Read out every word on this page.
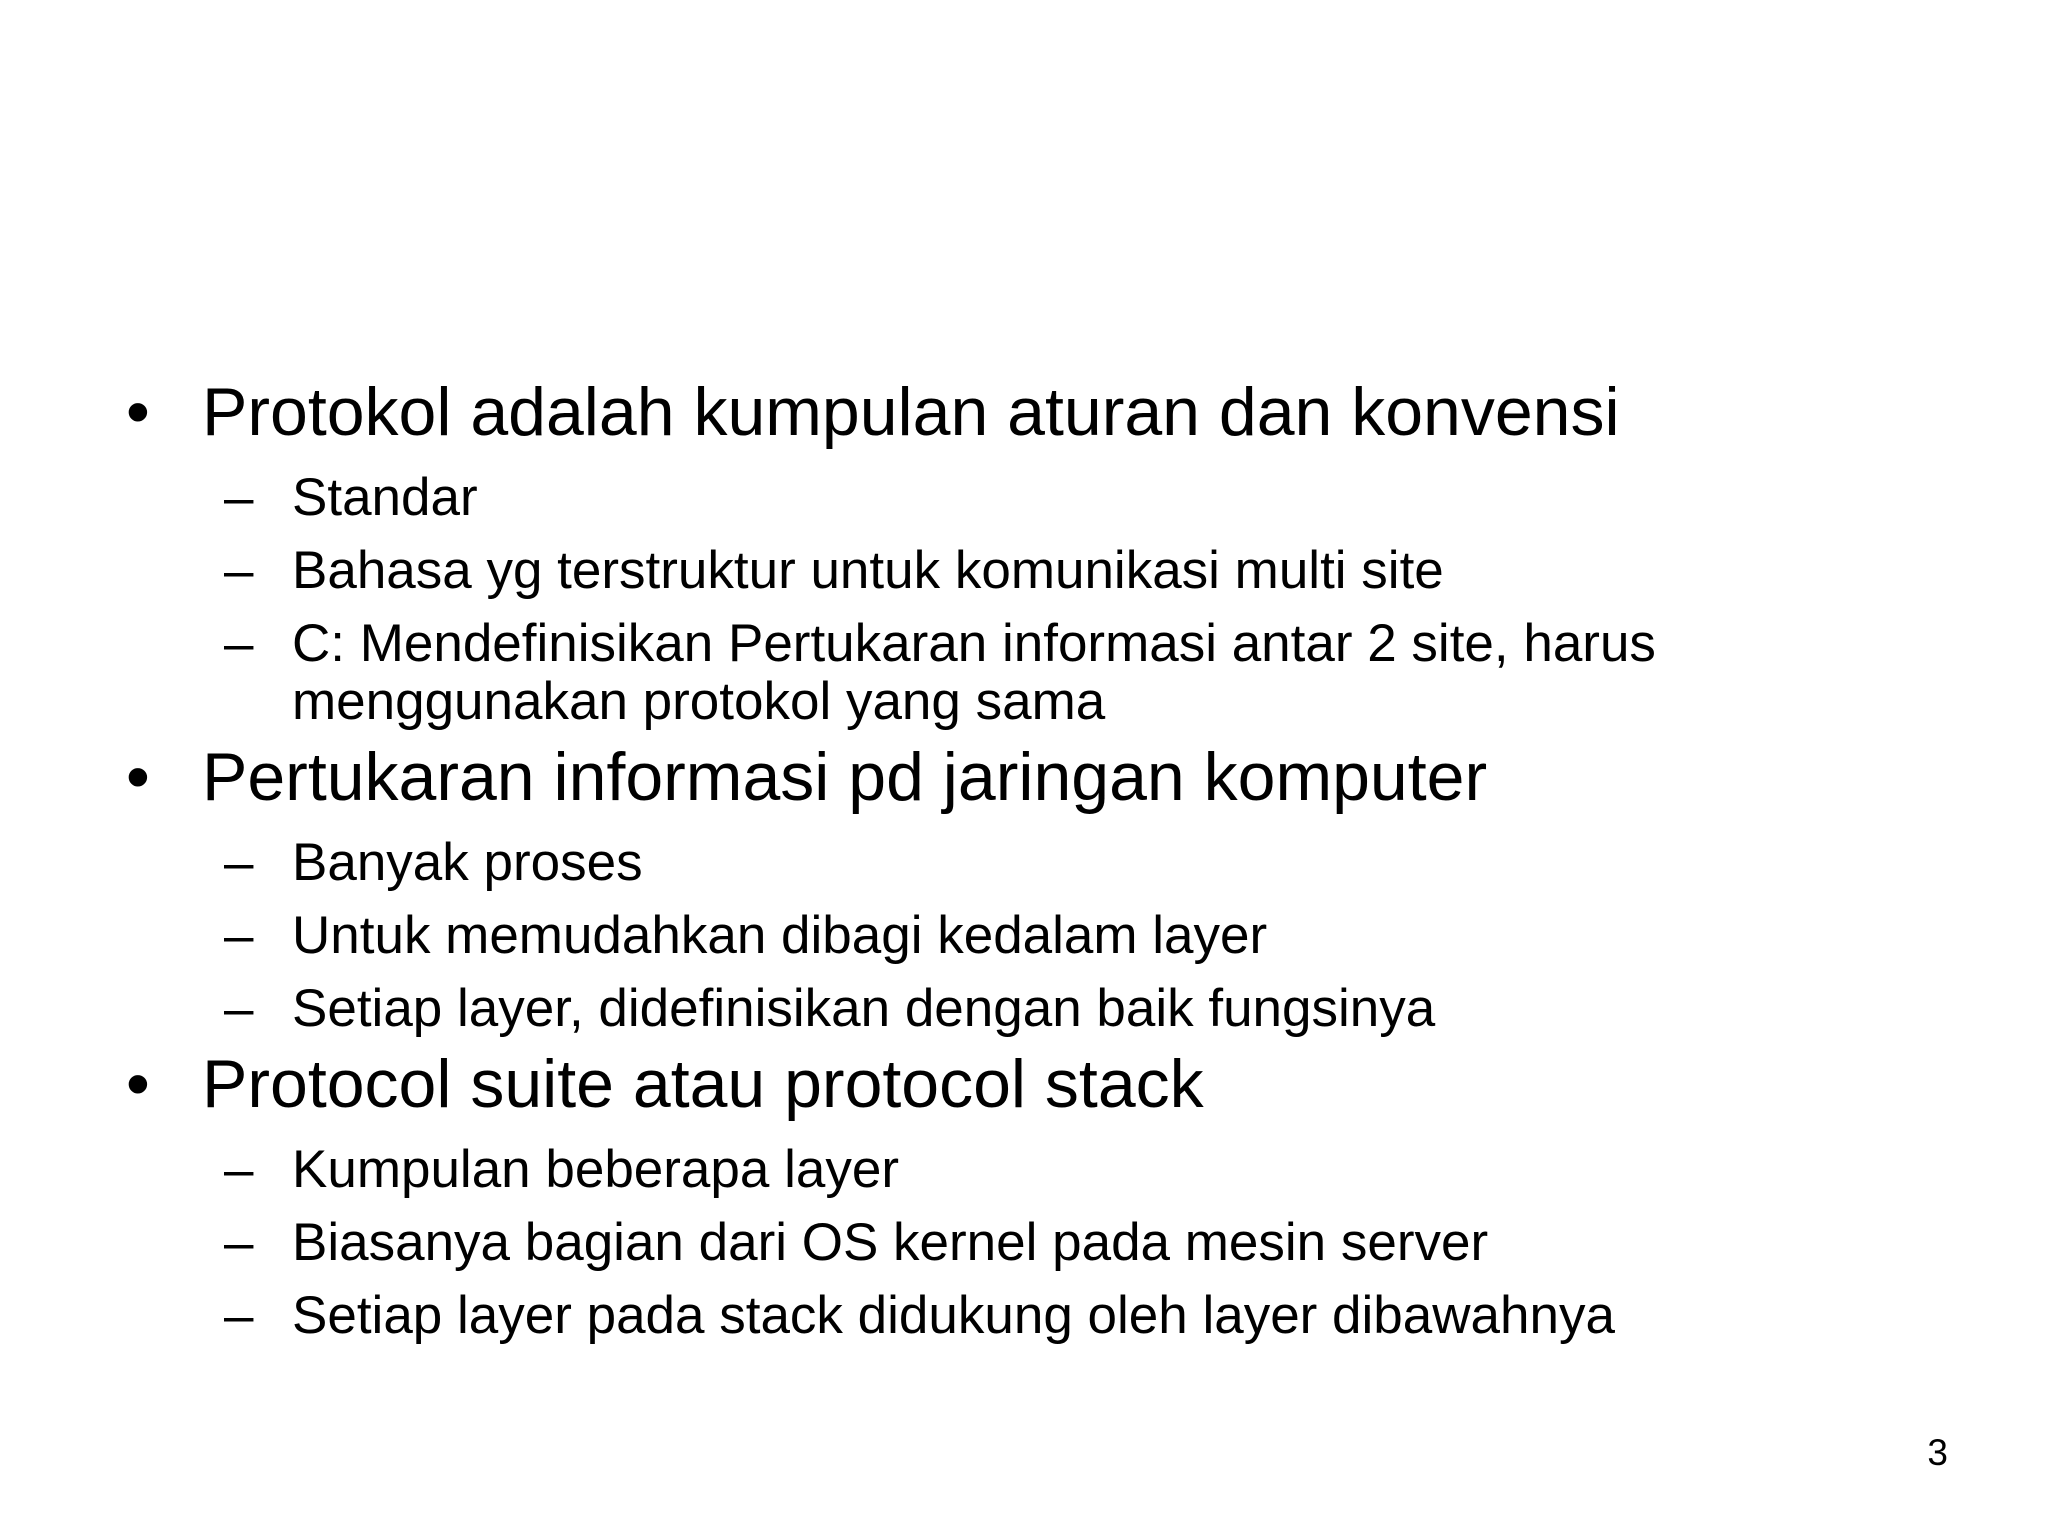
• Protokol adalah kumpulan aturan dan konvensi
– Standar
– Bahasa yg terstruktur untuk komunikasi multi site
– C: Mendefinisikan Pertukaran informasi antar 2 site, harus menggunakan protokol yang sama
• Pertukaran informasi pd jaringan komputer
– Banyak proses
– Untuk memudahkan dibagi kedalam layer
– Setiap layer, didefinisikan dengan baik fungsinya
• Protocol suite atau protocol stack
– Kumpulan beberapa layer
– Biasanya bagian dari OS kernel pada mesin server
– Setiap layer pada stack didukung oleh layer dibawahnya
3
